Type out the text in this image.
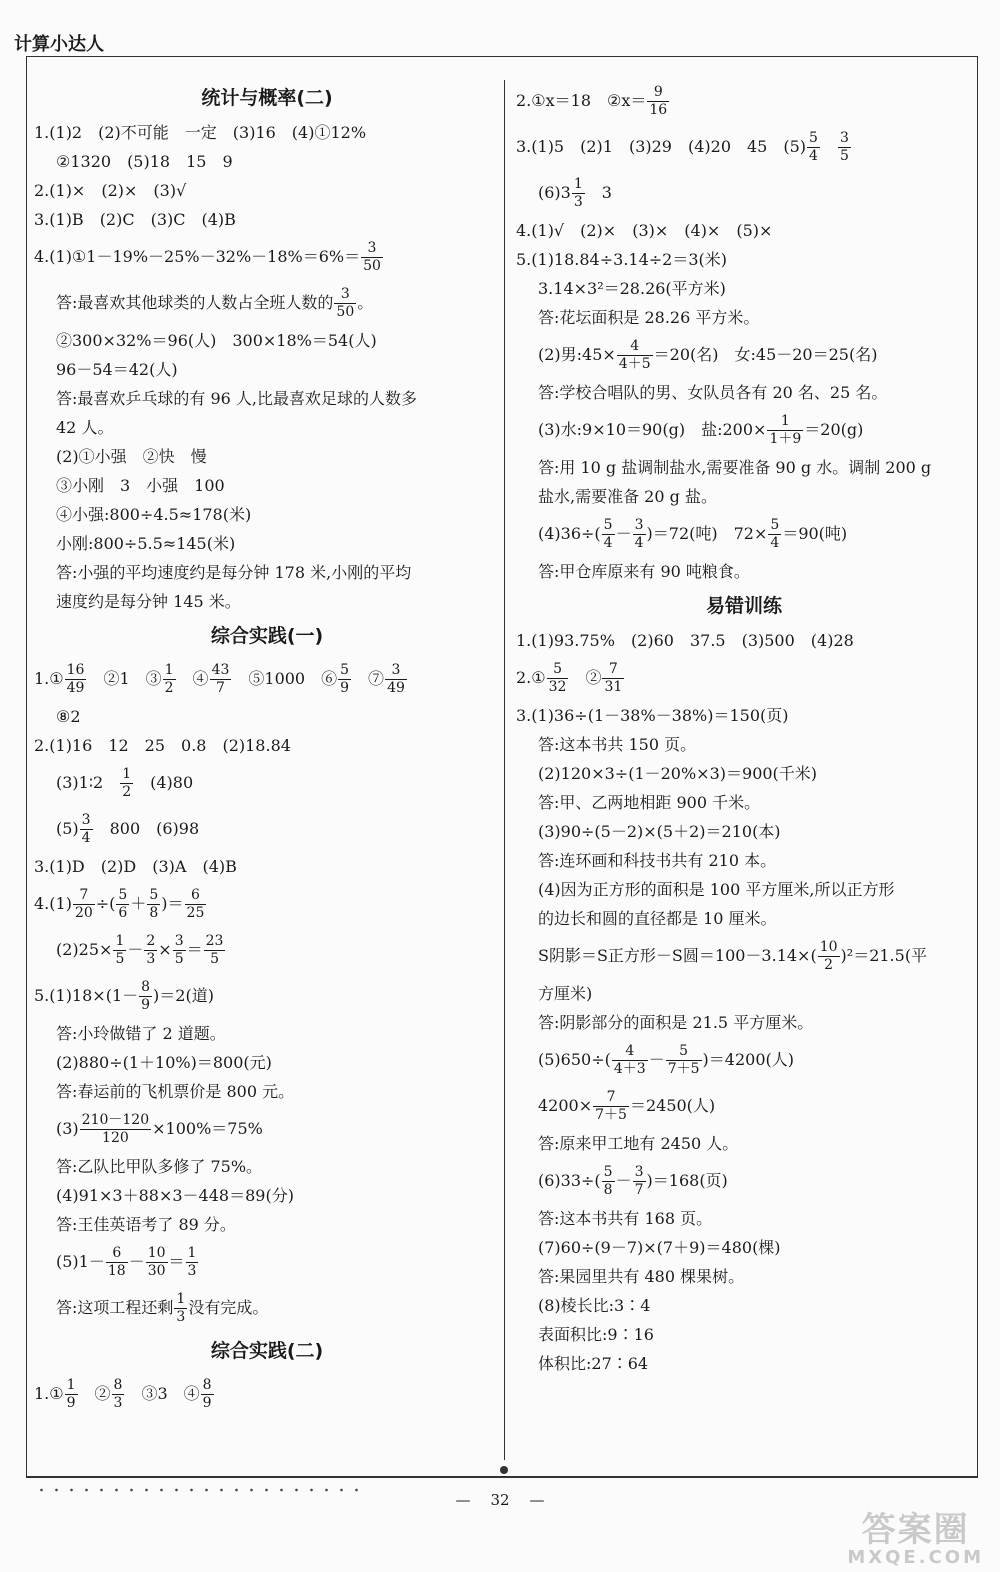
计算小达人
统计与概率(二)
1.(1)2　(2)不可能　一定　(3)16　(4)①12%
②1320　(5)18　15　9
2.(1)×　(2)×　(3)√
3.(1)B　(2)C　(3)C　(4)B
4.(1)①1－19%－25%－32%－18%＝6%＝ $\frac{3}{50}$
答:最喜欢其他球类的人数占全班人数的 $\frac{3}{50}$ 。
②300×32%＝96(人)　300×18%＝54(人)
96－54＝42(人)
答:最喜欢乒乓球的有 96 人,比最喜欢足球的人数多
42 人。
(2)①小强　②快　慢
③小刚　3　小强　100
④小强:800÷4.5≈178(米)
小刚:800÷5.5≈145(米)
答:小强的平均速度约是每分钟 178 米,小刚的平均
速度约是每分钟 145 米。
综合实践(一)
1.① $\frac{16}{49}$ 　②1　③ $\frac{1}{2}$ 　④ $\frac{43}{7}$ 　⑤1000　⑥ $\frac{5}{9}$ 　⑦ $\frac{3}{49}$
⑧2
2.(1)16　12　25　0.8　(2)18.84
(3)1∶2　 $\frac{1}{2}$ 　(4)80
$(5) \frac{3}{4}$ 　800　(6)98
3.(1)D　(2)D　(3)A　(4)B
$4.(1) \frac{7}{20}$ ÷( $\frac{5}{6} + \frac{5}{8}$ )＝ $\frac{6}{25}$
$(2)25\times \frac{1}{5} - \frac{2}{3} \times \frac{3}{5} = \frac{23}{5}$
$5.(1)18\times(1- \frac{8}{9} )=2$(道)
答:小玲做错了 2 道题。
(2)880÷(1＋10%)＝800(元)
答:春运前的飞机票价是 800 元。
$(3) \frac{210-120}{120} \times 100\%=75\%$
答:乙队比甲队多修了 75%。
(4)91×3＋88×3－448＝89(分)
答:王佳英语考了 89 分。
$(5)1- \frac{6}{18} - \frac{10}{30} = \frac{1}{3}$
答:这项工程还剩 $\frac{1}{3}$ 没有完成。
综合实践(二)
1.① $\frac{1}{9}$ 　② $\frac{8}{3}$ 　③3　④ $\frac{8}{9}$
2.①x＝18　②x＝ $\frac{9}{16}$
3.(1)5　(2)1　(3)29　(4)20　45　$(5) \frac{5}{4}$
　 $\frac{3}{5}$
$(6)3 \frac{1}{3}$ 　3
4.(1)√　(2)×　(3)×　(4)×　(5)×
5.(1)18.84÷3.14÷2＝3(米)
3.14×3²＝28.26(平方米)
答:花坛面积是 28.26 平方米。
(2)男:45× $\frac{4}{4+5} =20$(名)　女:45－20＝25(名)
答:学校合唱队的男、女队员各有 20 名、25 名。
(3)水:9×10＝90(g)　盐:200× $\frac{1}{1+9} =20(g)$
答:用 10 g 盐调制盐水,需要准备 90 g 水。调制 200 g
盐水,需要准备 20 g 盐。
$(4)36\div( \frac{5}{4} - \frac{3}{4} )=72$(吨)　$72\times \frac{5}{4} =90$(吨)
答:甲仓库原来有 90 吨粮食。
易错训练
1.(1)93.75%　(2)60　37.5　(3)500　(4)28
2.① $\frac{5}{32}$ 　② $\frac{7}{31}$
3.(1)36÷(1－38%－38%)＝150(页)
答:这本书共 150 页。
(2)120×3÷(1－20%×3)＝900(千米)
答:甲、乙两地相距 900 千米。
(3)90÷(5－2)×(5＋2)＝210(本)
答:连环画和科技书共有 210 本。
(4)因为正方形的面积是 100 平方厘米,所以正方形
的边长和圆的直径都是 10 厘米。
S阴影＝S正方形－S圆$=100-3.14\times( \frac{10}{2} )^2=21.5$(平
方厘米)
答:阴影部分的面积是 21.5 平方厘米。
$(5)650\div( \frac{4}{4+3} - \frac{5}{7+5} )=4200$(人)
$4200\times \frac{7}{7+5} =2450$(人)
答:原来甲工地有 2450 人。
$(6)33\div( \frac{5}{8} - \frac{3}{7} )=168$(页)
答:这本书共有 168 页。
(7)60÷(9－7)×(7＋9)＝480(棵)
答:果园里共有 480 棵果树。
(8)棱长比:3∶4
表面积比:9∶16
体积比:27∶64
— 32 —
答案圈
MXQE.COM
